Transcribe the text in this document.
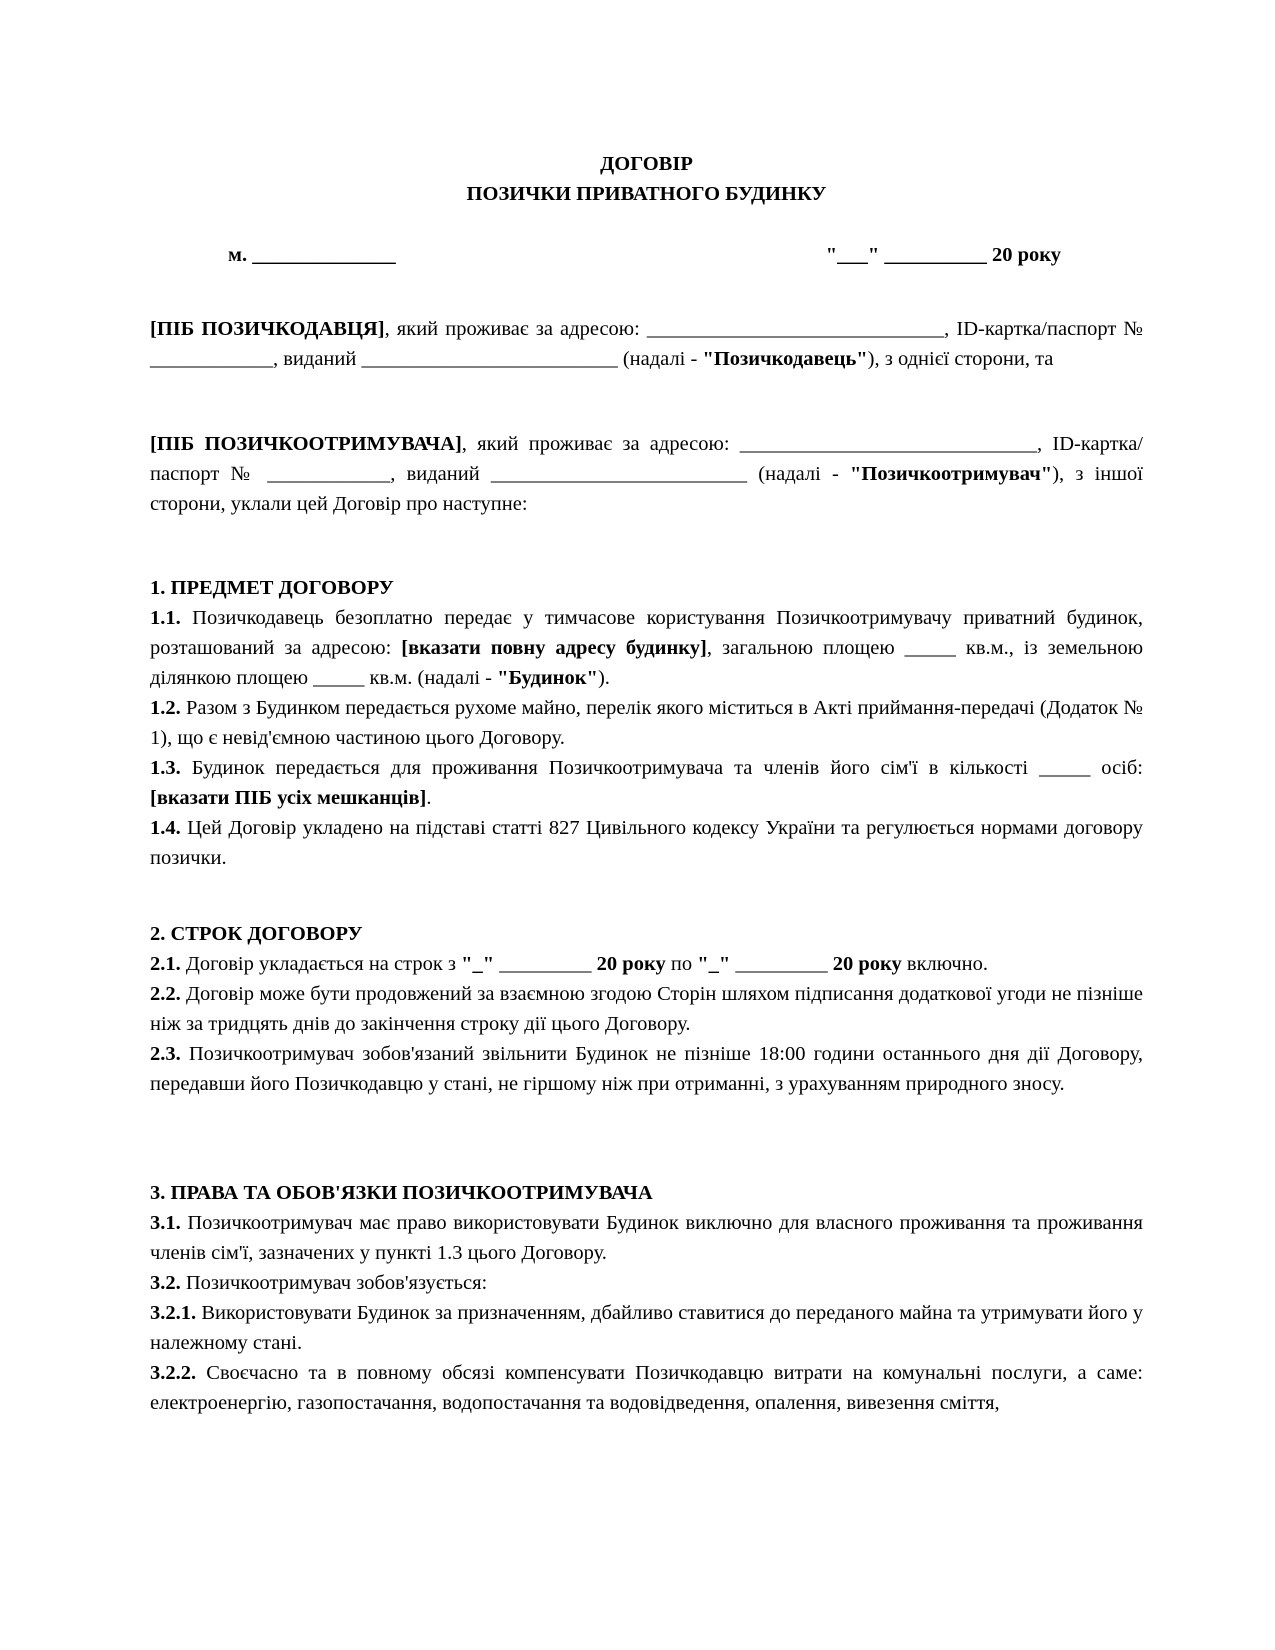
ДОГОВІР
ПОЗИЧКИ ПРИВАТНОГО БУДИНКУ
м. ______________	"___" __________ 20 року

[ПІБ ПОЗИЧКОДАВЦЯ], який проживає за адресою: _____________________________, ID-картка/паспорт № ____________, виданий _________________________ (надалі - "Позичкодавець"), з однієї сторони, та

[ПІБ ПОЗИЧКООТРИМУВАЧА], який проживає за адресою: _____________________________, ID-картка/паспорт № ____________, виданий _________________________ (надалі - "Позичкоотримувач"), з іншої сторони, уклали цей Договір про наступне:

1. ПРЕДМЕТ ДОГОВОРУ

1.1. Позичкодавець безоплатно передає у тимчасове користування Позичкоотримувачу приватний будинок, розташований за адресою: [вказати повну адресу будинку], загальною площею _____ кв.м., із земельною ділянкою площею _____ кв.м. (надалі - "Будинок").

1.2. Разом з Будинком передається рухоме майно, перелік якого міститься в Акті приймання-передачі (Додаток № 1), що є невід'ємною частиною цього Договору.

1.3. Будинок передається для проживання Позичкоотримувача та членів його сім'ї в кількості _____ осіб: [вказати ПІБ усіх мешканців].

1.4. Цей Договір укладено на підставі статті 827 Цивільного кодексу України та регулюється нормами договору позички.

2. СТРОК ДОГОВОРУ

2.1. Договір укладається на строк з "_" _________ 20 року по "_" _________ 20 року включно.

2.2. Договір може бути продовжений за взаємною згодою Сторін шляхом підписання додаткової угоди не пізніше ніж за тридцять днів до закінчення строку дії цього Договору.

2.3. Позичкоотримувач зобов'язаний звільнити Будинок не пізніше 18:00 години останнього дня дії Договору, передавши його Позичкодавцю у стані, не гіршому ніж при отриманні, з урахуванням природного зносу.

3. ПРАВА ТА ОБОВ'ЯЗКИ ПОЗИЧКООТРИМУВАЧА

3.1. Позичкоотримувач має право використовувати Будинок виключно для власного проживання та проживання членів сім'ї, зазначених у пункті 1.3 цього Договору.

3.2. Позичкоотримувач зобов'язується:

3.2.1. Використовувати Будинок за призначенням, дбайливо ставитися до переданого майна та утримувати його у належному стані.

3.2.2. Своєчасно та в повному обсязі компенсувати Позичкодавцю витрати на комунальні послуги, а саме: електроенергію, газопостачання, водопостачання та водовідведення, опалення, вивезення сміття,
